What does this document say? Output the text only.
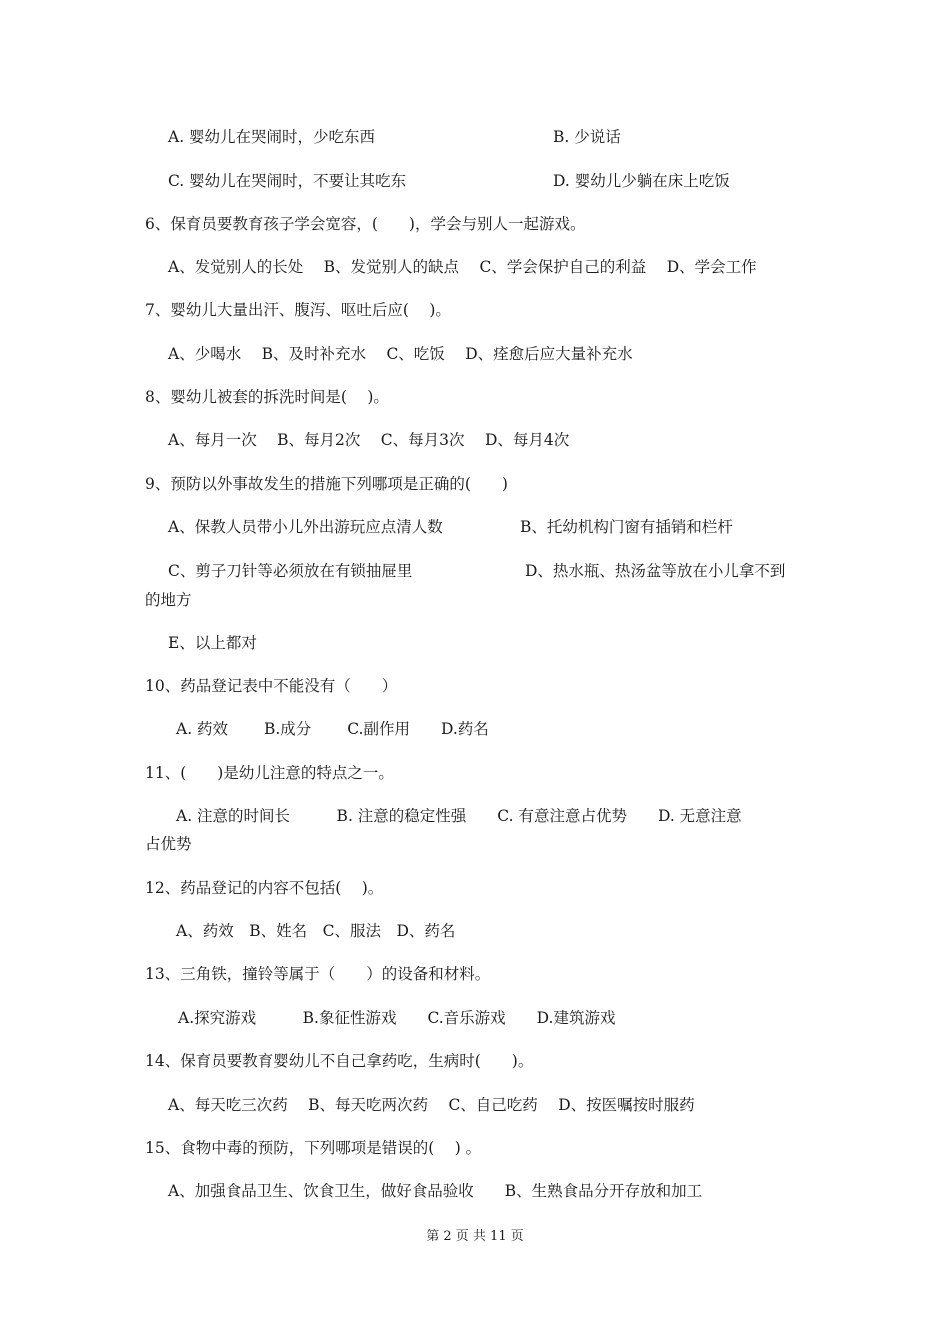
A. 婴幼儿在哭闹时，少吃东西	B. 少说话
C. 婴幼儿在哭闹时，不要让其吃东	D. 婴幼儿少躺在床上吃饭
6、保育员要教育孩子学会宽容，(　　)，学会与别人一起游戏。
A、发觉别人的长处　 B、发觉别人的缺点　 C、学会保护自己的利益　 D、学会工作
7、婴幼儿大量出汗、腹泻、呕吐后应(　 )。
A、少喝水　 B、及时补充水　 C、吃饭　 D、痊愈后应大量补充水
8、婴幼儿被套的拆洗时间是(　 )。
A、每月一次　 B、每月2次　 C、每月3次　 D、每月4次
9、预防以外事故发生的措施下列哪项是正确的(　　)
A、保教人员带小儿外出游玩应点清人数	B、托幼机构门窗有插销和栏杆
C、剪子刀针等必须放在有锁抽屉里	D、热水瓶、热汤盆等放在小儿拿不到
的地方
E、以上都对
10、药品登记表中不能没有（　　）
A. 药效　　 B.成分　　 C.副作用　　D.药名
11、(　　)是幼儿注意的特点之一。
A. 注意的时间长　　　B. 注意的稳定性强　　C. 有意注意占优势　　D. 无意注意
占优势
12、药品登记的内容不包括(　 )。
A、药效　B、姓名　C、服法　D、药名
13、三角铁，撞铃等属于（　　）的设备和材料。
A.探究游戏　　　B.象征性游戏　　C.音乐游戏　　D.建筑游戏
14、保育员要教育婴幼儿不自己拿药吃，生病时(　　)。
A、每天吃三次药　 B、每天吃两次药　 C、自己吃药　 D、按医嘱按时服药
15、食物中毒的预防，下列哪项是错误的(　 ) 。
A、加强食品卫生、饮食卫生，做好食品验收　　B、生熟食品分开存放和加工
第 2 页 共 11 页
